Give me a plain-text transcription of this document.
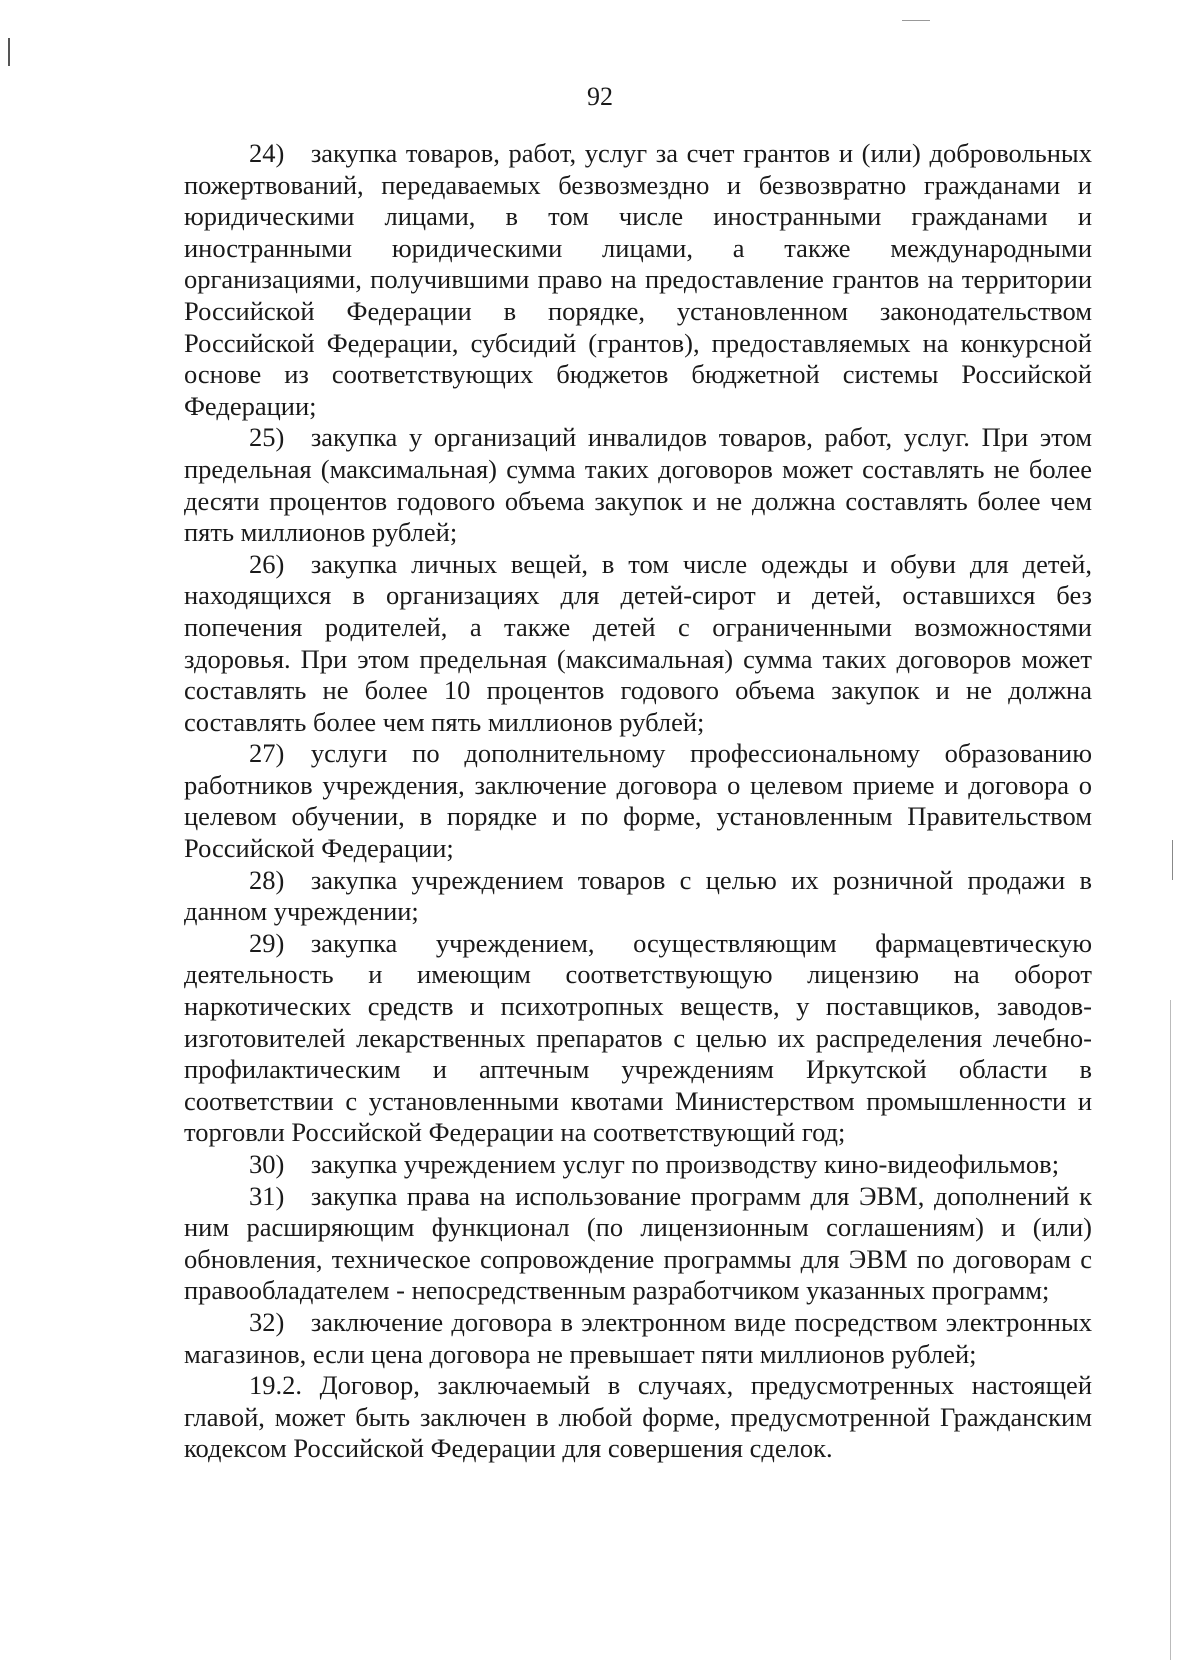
92

24) закупка товаров, работ, услуг за счет грантов и (или) добровольных пожертвований, передаваемых безвозмездно и безвозвратно гражданами и юридическими лицами, в том числе иностранными гражданами и иностранными юридическими лицами, а также международными организациями, получившими право на предоставление грантов на территории Российской Федерации в порядке, установленном законодательством Российской Федерации, субсидий (грантов), предоставляемых на конкурсной основе из соответствующих бюджетов бюджетной системы Российской Федерации;

25) закупка у организаций инвалидов товаров, работ, услуг. При этом предельная (максимальная) сумма таких договоров может составлять не более десяти процентов годового объема закупок и не должна составлять более чем пять миллионов рублей;

26) закупка личных вещей, в том числе одежды и обуви для детей, находящихся в организациях для детей-сирот и детей, оставшихся без попечения родителей, а также детей с ограниченными возможностями здоровья. При этом предельная (максимальная) сумма таких договоров может составлять не более 10 процентов годового объема закупок и не должна составлять более чем пять миллионов рублей;

27) услуги по дополнительному профессиональному образованию работников учреждения, заключение договора о целевом приеме и договора о целевом обучении, в порядке и по форме, установленным Правительством Российской Федерации;

28) закупка учреждением товаров с целью их розничной продажи в данном учреждении;

29) закупка учреждением, осуществляющим фармацевтическую деятельность и имеющим соответствующую лицензию на оборот наркотических средств и психотропных веществ, у поставщиков, заводов-изготовителей лекарственных препаратов с целью их распределения лечебно-профилактическим и аптечным учреждениям Иркутской области в соответствии с установленными квотами Министерством промышленности и торговли Российской Федерации на соответствующий год;

30) закупка учреждением услуг по производству кино-видеофильмов;

31) закупка права на использование программ для ЭВМ, дополнений к ним расширяющим функционал (по лицензионным соглашениям) и (или) обновления, техническое сопровождение программы для ЭВМ по договорам с правообладателем - непосредственным разработчиком указанных программ;

32) заключение договора в электронном виде посредством электронных магазинов, если цена договора не превышает пяти миллионов рублей;

19.2. Договор, заключаемый в случаях, предусмотренных настоящей главой, может быть заключен в любой форме, предусмотренной Гражданским кодексом Российской Федерации для совершения сделок.
